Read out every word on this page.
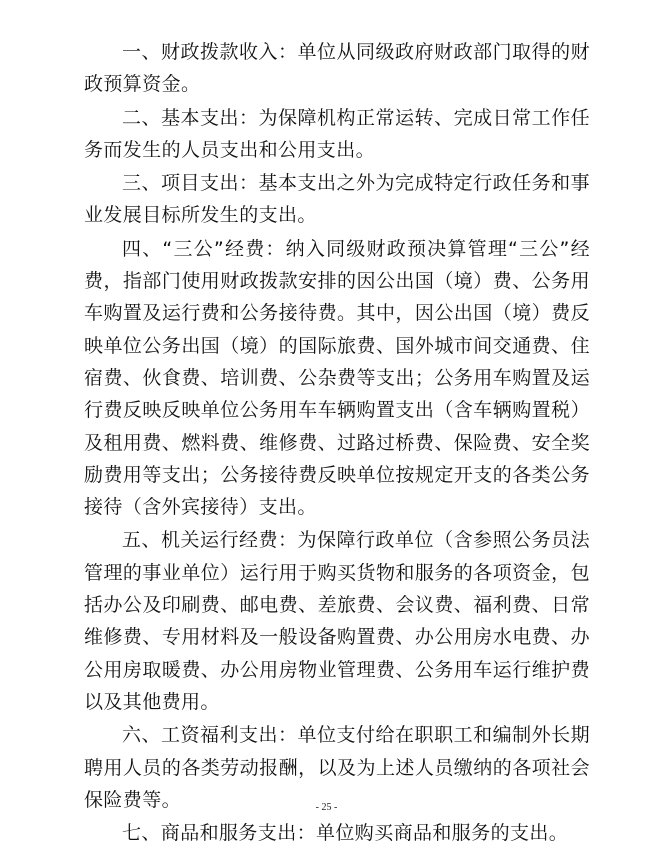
一、财政拨款收入：单位从同级政府财政部门取得的财政预算资金。

二、基本支出：为保障机构正常运转、完成日常工作任务而发生的人员支出和公用支出。

三、项目支出：基本支出之外为完成特定行政任务和事业发展目标所发生的支出。

四、“三公”经费：纳入同级财政预决算管理“三公”经费，指部门使用财政拨款安排的因公出国（境）费、公务用车购置及运行费和公务接待费。其中，因公出国（境）费反映单位公务出国（境）的国际旅费、国外城市间交通费、住宿费、伙食费、培训费、公杂费等支出；公务用车购置及运行费反映反映单位公务用车车辆购置支出（含车辆购置税）及租用费、燃料费、维修费、过路过桥费、保险费、安全奖励费用等支出；公务接待费反映单位按规定开支的各类公务接待（含外宾接待）支出。

五、机关运行经费：为保障行政单位（含参照公务员法管理的事业单位）运行用于购买货物和服务的各项资金，包括办公及印刷费、邮电费、差旅费、会议费、福利费、日常维修费、专用材料及一般设备购置费、办公用房水电费、办公用房取暖费、办公用房物业管理费、公务用车运行维护费以及其他费用。

六、工资福利支出：单位支付给在职职工和编制外长期聘用人员的各类劳动报酬，以及为上述人员缴纳的各项社会保险费等。

七、商品和服务支出：单位购买商品和服务的支出。

- 25 -
